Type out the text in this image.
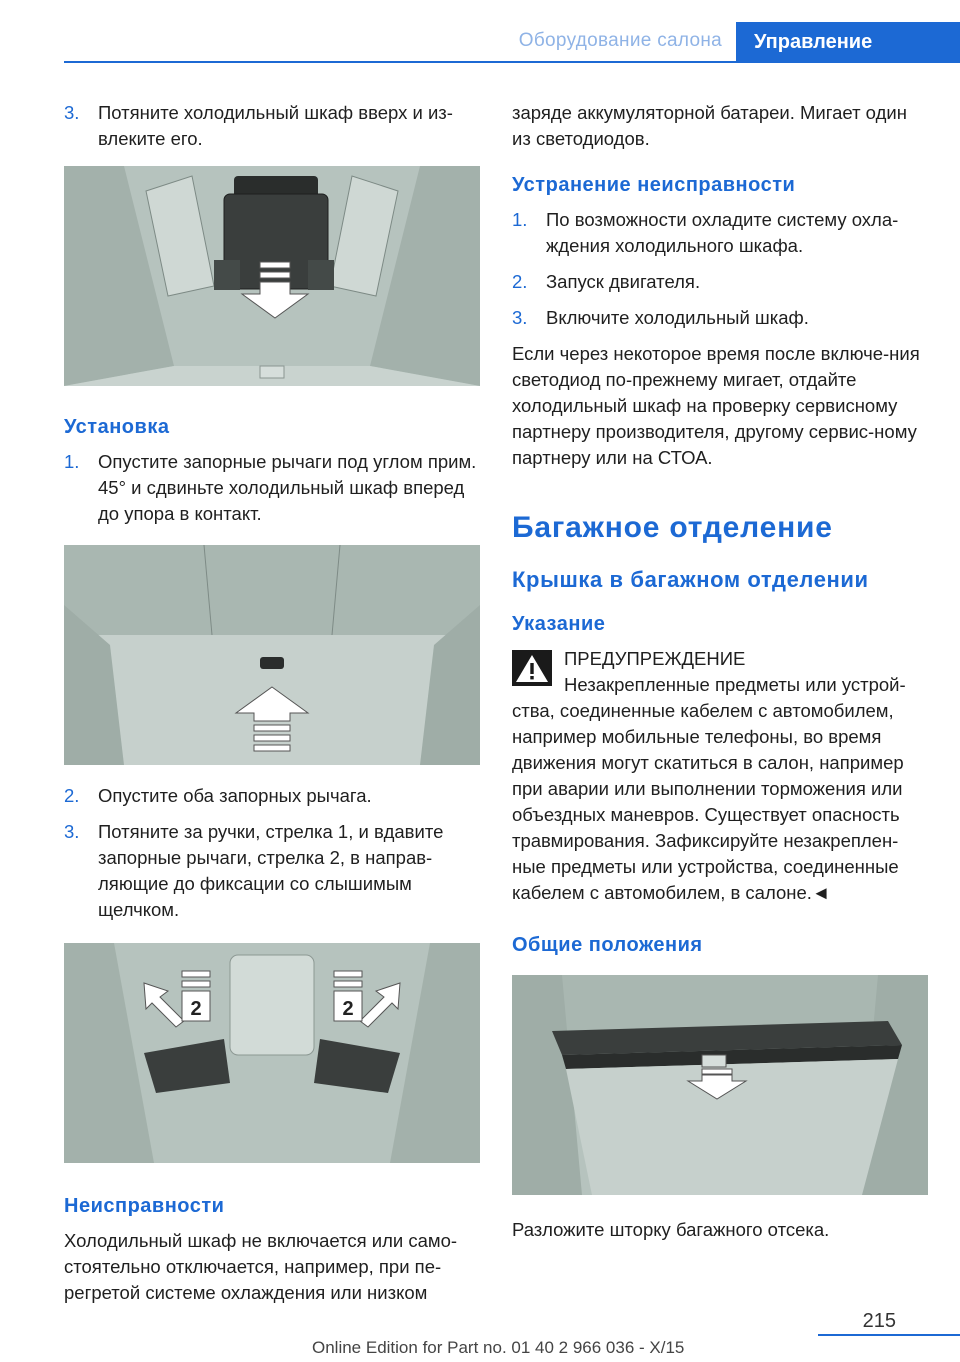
Оборудование салона	Управление
3. Потяните холодильный шкаф вверх и из-влеките его.
Установка
1. Опустите запорные рычаги под углом прим. 45° и сдвиньте холодильный шкаф вперед до упора в контакт.
2. Опустите оба запорных рычага.
3. Потяните за ручки, стрелка 1, и вдавите запорные рычаги, стрелка 2, в направ-ляющие до фиксации со слышимым щелчком.
2	2
Неисправности

Холодильный шкаф не включается или само-стоятельно отключается, например, при пе-регретой системе охлаждения или низком

заряде аккумуляторной батареи. Мигает один из светодиодов.

Устранение неисправности
1. По возможности охладите систему охла-ждения холодильного шкафа.
2. Запуск двигателя.
3. Включите холодильный шкаф.

Если через некоторое время после включе-ния светодиод по-прежнему мигает, отдайте холодильный шкаф на проверку сервисному партнеру производителя, другому сервис-ному партнеру или на СТОА.

Багажное отделение
Крышка в багажном отделении
Указание

ПРЕДУПРЕЖДЕНИЕ

Незакрепленные предметы или устрой-ства, соединенные кабелем с автомобилем, например мобильные телефоны, во время движения могут скатиться в салон, например при аварии или выполнении торможения или объездных маневров. Существует опасность травмирования. Зафиксируйте незакреплен-ные предметы или устройства, соединенные кабелем с автомобилем, в салоне.◄

Общие положения

Разложите шторку багажного отсека.

215
Online Edition for Part no. 01 40 2 966 036 - X/15
